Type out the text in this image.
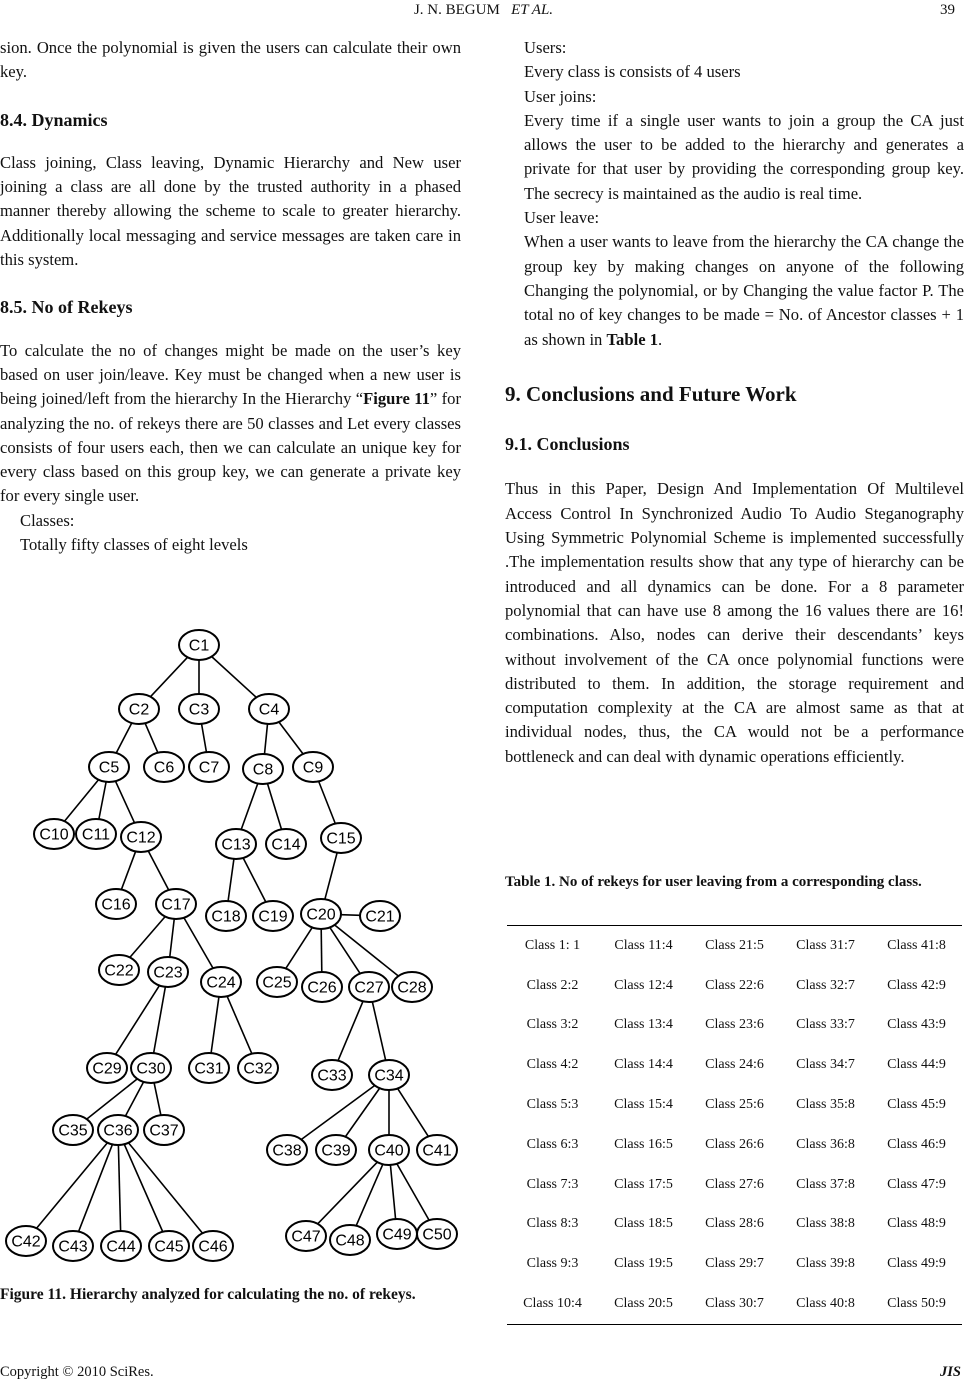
J. N. BEGUM ET AL.	39

sion. Once the polynomial is given the users can calculate their own key.

8.4. Dynamics

Class joining, Class leaving, Dynamic Hierarchy and New user joining a class are all done by the trusted authority in a phased manner thereby allowing the scheme to scale to greater hierarchy. Additionally local messaging and service messages are taken care in this system.

8.5. No of Rekeys

To calculate the no of changes might be made on the user’s key based on user join/leave. Key must be changed when a new user is being joined/left from the hierarchy In the Hierarchy “Figure 11” for analyzing the no. of rekeys there are 50 classes and Let every classes consists of four users each, then we can calculate an unique key for every class based on this group key, we can generate a private key for every single user.

Classes:
Totally fifty classes of eight levels
C1
C2 C3	C4
C5 C6 C7 C8 C9
C10 C11 C12	C13 C14 C15
C16 C17
C18 C19 C20 C21
C22 C23
C24 C25 C26 C27 C28
C29 C30 C31 C32	C33 C34
C35 C36 C37
C38 C39 C40 C41
C42 C43 C44 C45 C46
C47 C48 C49 C50
Figure 11. Hierarchy analyzed for calculating the no. of rekeys.
Users:
Every class is consists of 4 users
User joins:

Every time if a single user wants to join a group the CA just allows the user to be added to the hierarchy and generates a private for that user by providing the corresponding group key. The secrecy is maintained as the audio is real time.

User leave:

When a user wants to leave from the hierarchy the CA change the group key by making changes on anyone of the following Changing the polynomial, or by Changing the value factor P. The total no of key changes to be made = No. of Ancestor classes + 1 as shown in Table 1.

9. Conclusions and Future Work
9.1. Conclusions

Thus in this Paper, Design And Implementation Of Multilevel Access Control In Synchronized Audio To Audio Steganography Using Symmetric Polynomial Scheme is implemented successfully .The implementation results show that any type of hierarchy can be introduced and all dynamics can be done. For a 8 parameter polynomial that can have use 8 among the 16 values there are 16! combinations. Also, nodes can derive their descendants’ keys without involvement of the CA once polynomial functions were distributed to them. In addition, the storage requirement and computation complexity at the CA are almost same as that at individual nodes, thus, the CA would not be a performance bottleneck and can deal with dynamic operations efficiently.

Table 1. No of rekeys for user leaving from a corresponding class.
Class 1: 1	Class 11:4	Class 21:5	Class 31:7	Class 41:8
Class 2:2	Class 12:4	Class 22:6	Class 32:7	Class 42:9
Class 3:2	Class 13:4	Class 23:6	Class 33:7	Class 43:9
Class 4:2	Class 14:4	Class 24:6	Class 34:7	Class 44:9
Class 5:3	Class 15:4	Class 25:6	Class 35:8	Class 45:9
Class 6:3	Class 16:5	Class 26:6	Class 36:8	Class 46:9
Class 7:3	Class 17:5	Class 27:6	Class 37:8	Class 47:9
Class 8:3	Class 18:5	Class 28:6	Class 38:8	Class 48:9
Class 9:3	Class 19:5	Class 29:7	Class 39:8	Class 49:9
Class 10:4	Class 20:5	Class 30:7	Class 40:8	Class 50:9
Copyright © 2010 SciRes.	JIS
